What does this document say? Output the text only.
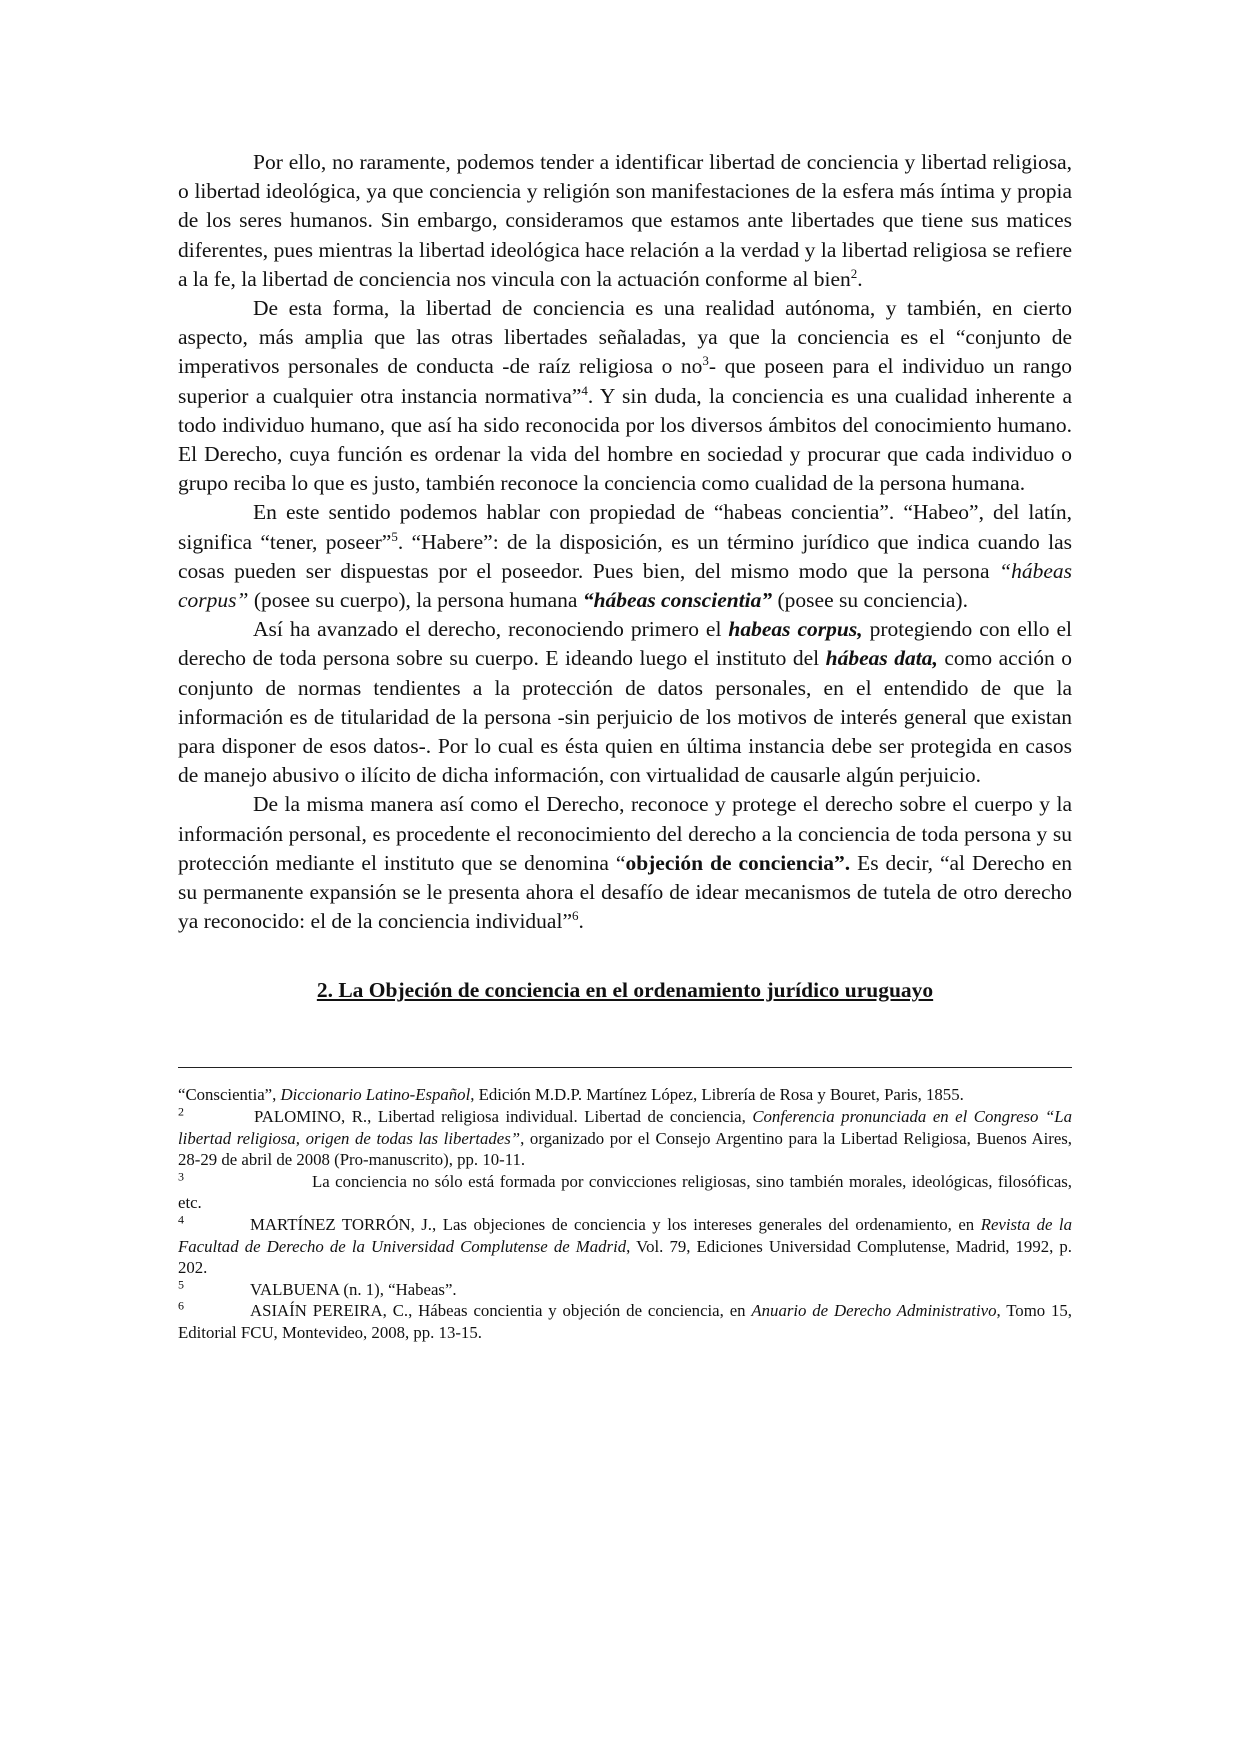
Por ello, no raramente, podemos tender a identificar libertad de conciencia y libertad religiosa, o libertad ideológica, ya que conciencia y religión son manifestaciones de la esfera más íntima y propia de los seres humanos. Sin embargo, consideramos que estamos ante libertades que tiene sus matices diferentes, pues mientras la libertad ideológica hace relación a la verdad y la libertad religiosa se refiere a la fe, la libertad de conciencia nos vincula con la actuación conforme al bien$^2$.

De esta forma, la libertad de conciencia es una realidad autónoma, y también, en cierto aspecto, más amplia que las otras libertades señaladas, ya que la conciencia es el “conjunto de imperativos personales de conducta -de raíz religiosa o $no^3-$ que poseen para el individuo un rango superior a cualquier otra instancia normativa”$^4$. Y sin duda, la conciencia es una cualidad inherente a todo individuo humano, que así ha sido reconocida por los diversos ámbitos del conocimiento humano. El Derecho, cuya función es ordenar la vida del hombre en sociedad y procurar que cada individuo o grupo reciba lo que es justo, también reconoce la conciencia como cualidad de la persona humana.

En este sentido podemos hablar con propiedad de “habeas concientia”. “Habeo”, del latín, significa “tener, poseer”$^5$. “Habere”: de la disposición, es un término jurídico que indica cuando las cosas pueden ser dispuestas por el poseedor. Pues bien, del mismo modo que la persona “hábeas corpus” (posee su cuerpo), la persona humana “hábeas conscientia” (posee su conciencia).

Así ha avanzado el derecho, reconociendo primero el habeas corpus, protegiendo con ello el derecho de toda persona sobre su cuerpo. E ideando luego el instituto del hábeas data, como acción o conjunto de normas tendientes a la protección de datos personales, en el entendido de que la información es de titularidad de la persona -sin perjuicio de los motivos de interés general que existan para disponer de esos datos-. Por lo cual es ésta quien en última instancia debe ser protegida en casos de manejo abusivo o ilícito de dicha información, con virtualidad de causarle algún perjuicio.

De la misma manera así como el Derecho, reconoce y protege el derecho sobre el cuerpo y la información personal, es procedente el reconocimiento del derecho a la conciencia de toda persona y su protección mediante el instituto que se denomina “objeción de conciencia”. Es decir, “al Derecho en su permanente expansión se le presenta ahora el desafío de idear mecanismos de tutela de otro derecho ya reconocido: el de la conciencia individual”$^6$.

2. La Objeción de conciencia en el ordenamiento jurídico uruguayo
“Conscientia”, Diccionario Latino-Español, Edición M.D.P. Martínez López, Librería de Rosa y Bouret, Paris, 1855.
$^2$	PALOMINO, R., Libertad religiosa individual. Libertad de conciencia, Conferencia pronunciada en el Congreso “La libertad religiosa, origen de todas las libertades”, organizado por el Consejo Argentino para la Libertad Religiosa, Buenos Aires, 28-29 de abril de 2008 (Pro-manuscrito), pp. 10-11.
$^3$	La conciencia no sólo está formada por convicciones religiosas, sino también morales, ideológicas, filosóficas, etc.
$^4$	MARTÍNEZ TORRÓN, J., Las objeciones de conciencia y los intereses generales del ordenamiento, en Revista de la Facultad de Derecho de la Universidad Complutense de Madrid, Vol. 79, Ediciones Universidad Complutense, Madrid, 1992, p. 202.
$^5$	VALBUENA (n. 1), “Habeas”.
$^6$	ASIAÍN PEREIRA, C., Hábeas concientia y objeción de conciencia, en Anuario de Derecho Administrativo, Tomo 15, Editorial FCU, Montevideo, 2008, pp. 13-15.
